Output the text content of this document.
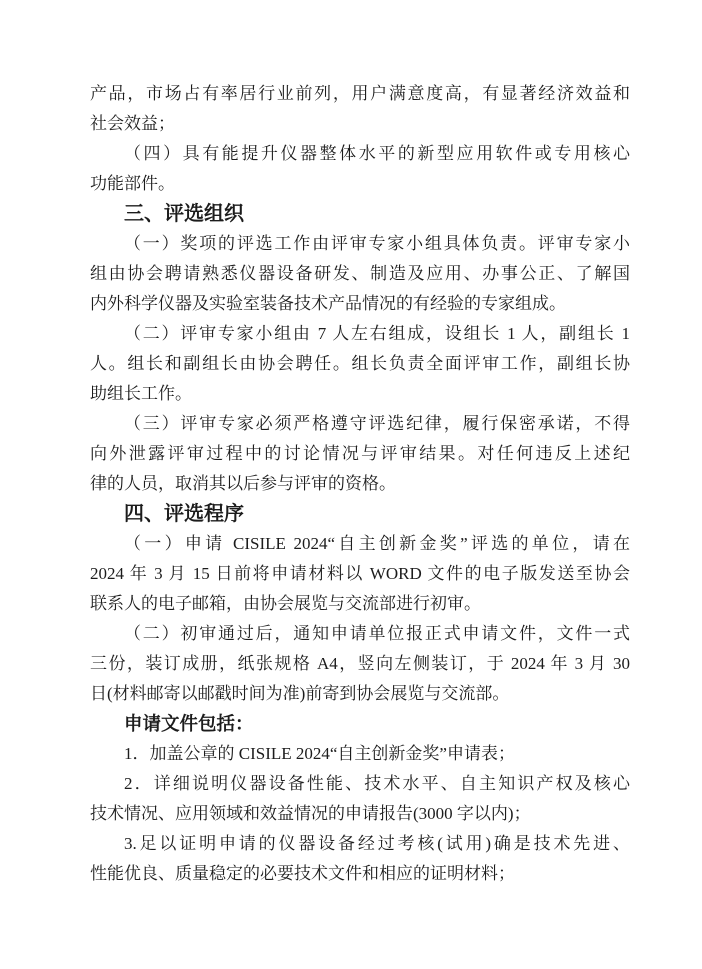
产品，市场占有率居行业前列，用户满意度高，有显著经济效益和
社会效益；
（四）具有能提升仪器整体水平的新型应用软件或专用核心
功能部件。
三、评选组织
（一）奖项的评选工作由评审专家小组具体负责。评审专家小
组由协会聘请熟悉仪器设备研发、制造及应用、办事公正、了解国
内外科学仪器及实验室装备技术产品情况的有经验的专家组成。
（二）评审专家小组由 7 人左右组成，设组长 1 人，副组长 1
人。组长和副组长由协会聘任。组长负责全面评审工作，副组长协
助组长工作。
（三）评审专家必须严格遵守评选纪律，履行保密承诺，不得
向外泄露评审过程中的讨论情况与评审结果。对任何违反上述纪
律的人员，取消其以后参与评审的资格。
四、评选程序
（一）申请 CISILE 2024“自主创新金奖”评选的单位，请在
2024 年 3 月 15 日前将申请材料以 WORD 文件的电子版发送至协会
联系人的电子邮箱，由协会展览与交流部进行初审。
（二）初审通过后，通知申请单位报正式申请文件，文件一式
三份，装订成册，纸张规格 A4，竖向左侧装订，于 2024 年 3 月 30
日(材料邮寄以邮戳时间为准)前寄到协会展览与交流部。
申请文件包括：
1．加盖公章的 CISILE 2024“自主创新金奖”申请表；
2．详细说明仪器设备性能、技术水平、自主知识产权及核心
技术情况、应用领域和效益情况的申请报告(3000 字以内)；
3.足以证明申请的仪器设备经过考核(试用)确是技术先进、
性能优良、质量稳定的必要技术文件和相应的证明材料；
